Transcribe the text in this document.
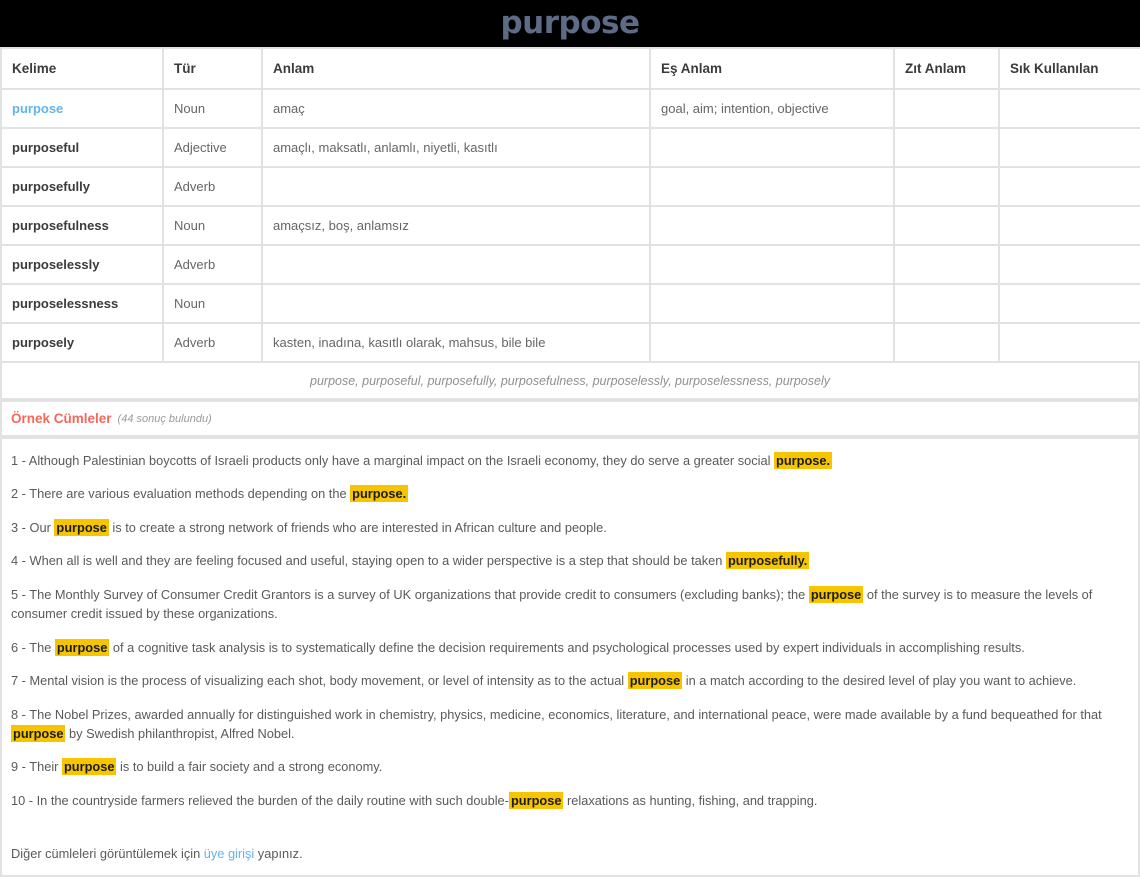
purpose
Kelime	Tür	Anlam	Eş Anlam	Zıt Anlam	Sık Kullanılan
purpose	Noun	amaç	goal, aim; intention, objective		
purposeful	Adjective	amaçlı, maksatlı, anlamlı, niyetli, kasıtlı			
purposefully	Adverb				
purposefulness	Noun	amaçsız, boş, anlamsız			
purposelessly	Adverb				
purposelessness	Noun				
purposely	Adverb	kasten, inadına, kasıtlı olarak, mahsus, bile bile			
purpose, purposeful, purposefully, purposefulness, purposelessly, purposelessness, purposely
Örnek Cümleler (44 sonuç bulundu)

1 - Although Palestinian boycotts of Israeli products only have a marginal impact on the Israeli economy, they do serve a greater social purpose.

2 - There are various evaluation methods depending on the purpose.

3 - Our purpose is to create a strong network of friends who are interested in African culture and people.

4 - When all is well and they are feeling focused and useful, staying open to a wider perspective is a step that should be taken purposefully.

5 - The Monthly Survey of Consumer Credit Grantors is a survey of UK organizations that provide credit to consumers (excluding banks); the purpose of the survey is to measure the levels of consumer credit issued by these organizations.

6 - The purpose of a cognitive task analysis is to systematically define the decision requirements and psychological processes used by expert individuals in accomplishing results.

7 - Mental vision is the process of visualizing each shot, body movement, or level of intensity as to the actual purpose in a match according to the desired level of play you want to achieve.

8 - The Nobel Prizes, awarded annually for distinguished work in chemistry, physics, medicine, economics, literature, and international peace, were made available by a fund bequeathed for that purpose by Swedish philanthropist, Alfred Nobel.

9 - Their purpose is to build a fair society and a strong economy.

10 - In the countryside farmers relieved the burden of the daily routine with such double- purpose relaxations as hunting, fishing, and trapping.

Diğer cümleleri görüntülemek için üye girişi yapınız.
